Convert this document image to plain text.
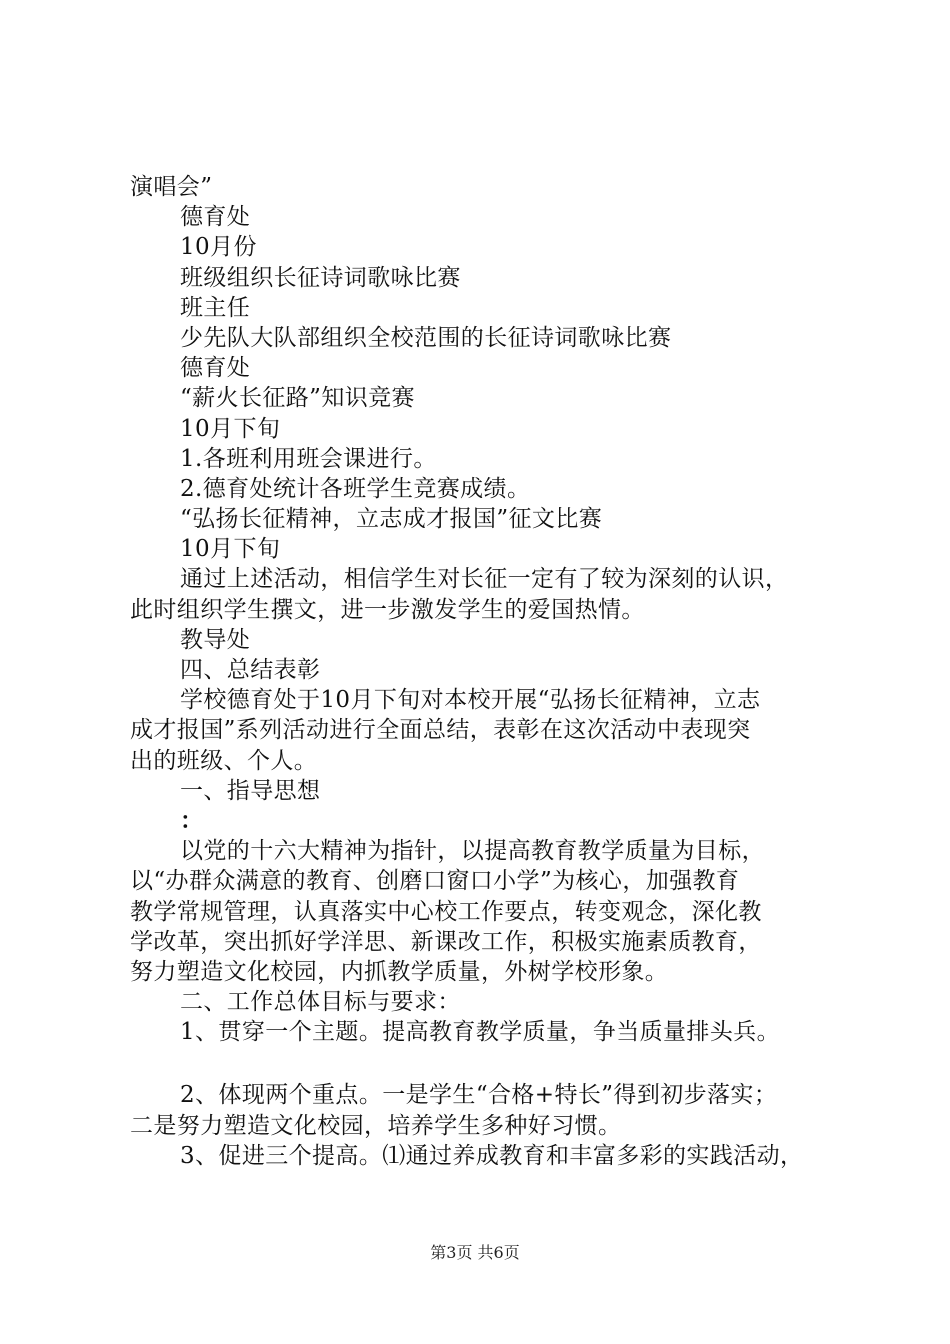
演唱会”
德育处
10月份
班级组织长征诗词歌咏比赛
班主任
少先队大队部组织全校范围的长征诗词歌咏比赛
德育处
“薪火长征路”知识竞赛
10月下旬
1.各班利用班会课进行。
2.德育处统计各班学生竞赛成绩。
“弘扬长征精神，立志成才报国”征文比赛
10月下旬
通过上述活动，相信学生对长征一定有了较为深刻的认识，
此时组织学生撰文，进一步激发学生的爱国热情。
教导处
四、总结表彰
学校德育处于10月下旬对本校开展“弘扬长征精神，立志
成才报国”系列活动进行全面总结，表彰在这次活动中表现突
出的班级、个人。
一、指导思想
：
以党的十六大精神为指针，以提高教育教学质量为目标，
以“办群众满意的教育、创磨口窗口小学”为核心，加强教育
教学常规管理，认真落实中心校工作要点，转变观念，深化教
学改革，突出抓好学洋思、新课改工作，积极实施素质教育，
努力塑造文化校园，内抓教学质量，外树学校形象。
二、工作总体目标与要求：
1、贯穿一个主题。提高教育教学质量，争当质量排头兵。
2、体现两个重点。一是学生“合格+特长”得到初步落实；
二是努力塑造文化校园，培养学生多种好习惯。
3、促进三个提高。⑴通过养成教育和丰富多彩的实践活动，
第3页 共6页
